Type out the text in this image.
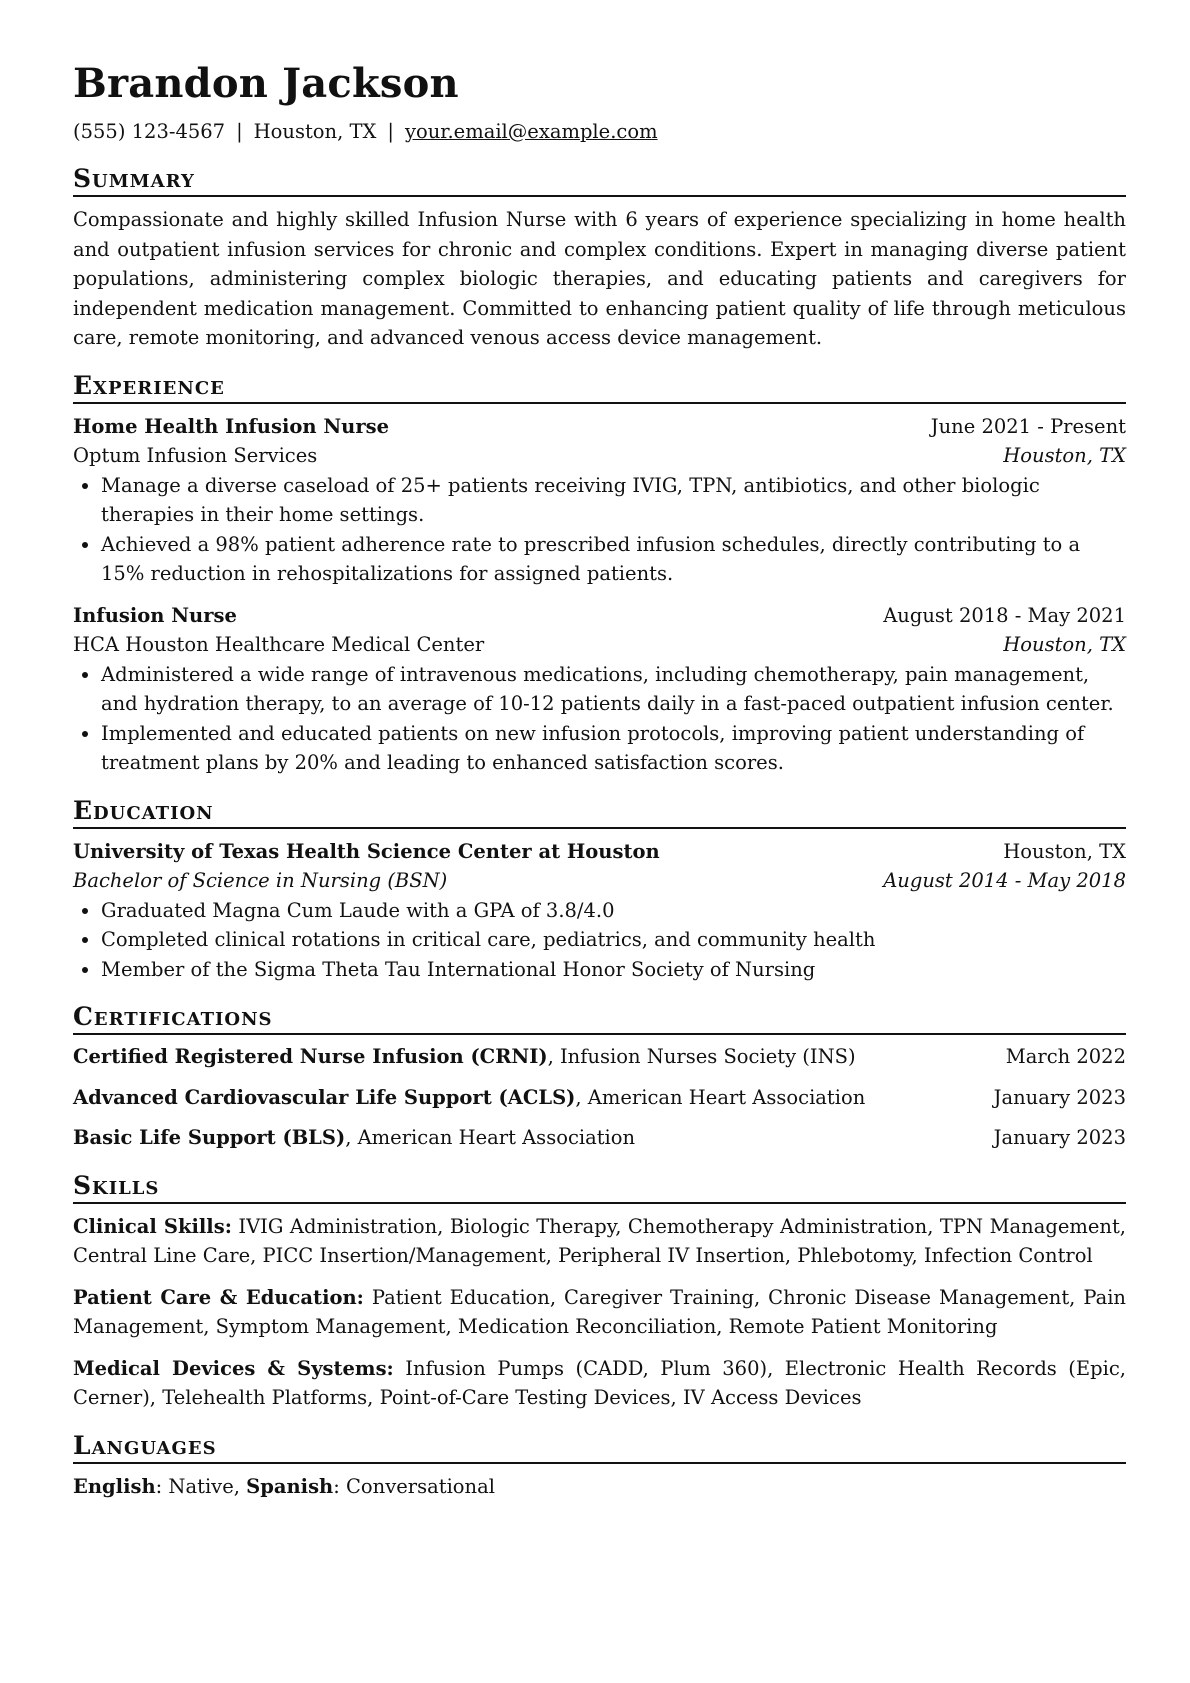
Brandon Jackson
(555) 123-4567 | Houston, TX | your.email@example.com
Summary
Compassionate and highly skilled Infusion Nurse with 6 years of experience specializing in home health and outpatient infusion services for chronic and complex conditions. Expert in managing diverse patient populations, administering complex biologic therapies, and educating patients and caregivers for independent medication management. Committed to enhancing patient quality of life through meticulous care, remote monitoring, and advanced venous access device management.
Experience
Home Health Infusion Nurse	June 2021 - Present
Optum Infusion Services	Houston, TX
• Manage a diverse caseload of 25+ patients receiving IVIG, TPN, antibiotics, and other biologic therapies in their home settings.
• Achieved a 98% patient adherence rate to prescribed infusion schedules, directly contributing to a 15% reduction in rehospitalizations for assigned patients.
Infusion Nurse	August 2018 - May 2021
HCA Houston Healthcare Medical Center	Houston, TX
• Administered a wide range of intravenous medications, including chemotherapy, pain management, and hydration therapy, to an average of 10-12 patients daily in a fast-paced outpatient infusion center.
• Implemented and educated patients on new infusion protocols, improving patient understanding of treatment plans by 20% and leading to enhanced satisfaction scores.
Education
University of Texas Health Science Center at Houston	Houston, TX
Bachelor of Science in Nursing (BSN)	August 2014 - May 2018
• Graduated Magna Cum Laude with a GPA of 3.8/4.0
• Completed clinical rotations in critical care, pediatrics, and community health
• Member of the Sigma Theta Tau International Honor Society of Nursing
Certifications
Certified Registered Nurse Infusion (CRNI), Infusion Nurses Society (INS)	March 2022
Advanced Cardiovascular Life Support (ACLS), American Heart Association	January 2023
Basic Life Support (BLS), American Heart Association	January 2023
Skills
Clinical Skills: IVIG Administration, Biologic Therapy, Chemotherapy Administration, TPN Management, Central Line Care, PICC Insertion/Management, Peripheral IV Insertion, Phlebotomy, Infection Control
Patient Care & Education: Patient Education, Caregiver Training, Chronic Disease Management, Pain Management, Symptom Management, Medication Reconciliation, Remote Patient Monitoring
Medical Devices & Systems: Infusion Pumps (CADD, Plum 360), Electronic Health Records (Epic, Cerner), Telehealth Platforms, Point-of-Care Testing Devices, IV Access Devices
Languages
English: Native, Spanish: Conversational
